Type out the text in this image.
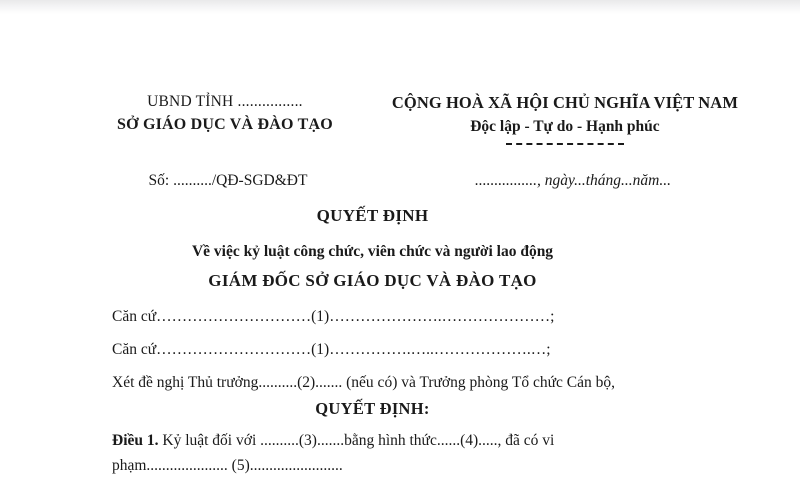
UBND TỈNH ................
SỞ GIÁO DỤC VÀ ĐÀO TẠO
CỘNG HOÀ XÃ HỘI CHỦ NGHĨA VIỆT NAM
Độc lập - Tự do - Hạnh phúc
Số: ........../QĐ-SGD&ĐT	................, ngày...tháng...năm...
QUYẾT ĐỊNH
Về việc kỷ luật công chức, viên chức và người lao động
GIÁM ĐỐC SỞ GIÁO DỤC VÀ ĐÀO TẠO
Căn cứ…………………………(1)………………….…………………;
Căn cứ…………………………(1)…………….…..……………….…;
Xét đề nghị Thủ trưởng..........(2)....... (nếu có) và Trưởng phòng Tổ chức Cán bộ,
QUYẾT ĐỊNH:
Điều 1. Kỷ luật đối với ..........(3).......bằng hình thức......(4)....., đã có vi
phạm..................... (5)........................
